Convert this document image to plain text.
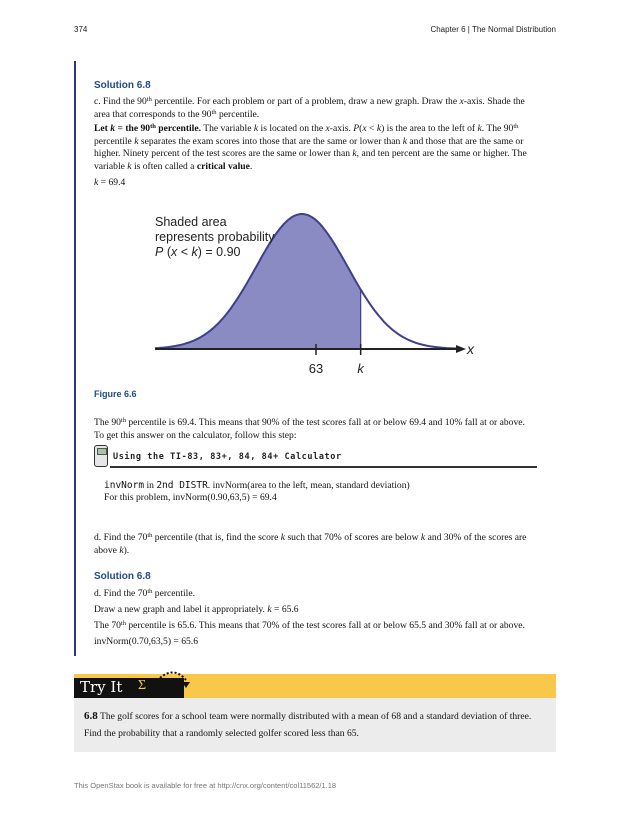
374	Chapter 6 | The Normal Distribution
Solution 6.8
c. Find the 90th percentile. For each problem or part of a problem, draw a new graph. Draw the x-axis. Shade the area that corresponds to the 90th percentile.
Let k = the 90th percentile. The variable k is located on the x-axis. P(x < k) is the area to the left of k. The 90th percentile k separates the exam scores into those that are the same or lower than k and those that are the same or higher. Ninety percent of the test scores are the same or lower than k, and ten percent are the same or higher. The variable k is often called a critical value.
k = 69.4
Shaded area
represents probability
P (x < k) = 0.90
x
63	k
Figure 6.6
The 90th percentile is 69.4. This means that 90% of the test scores fall at or below 69.4 and 10% fall at or above. To get this answer on the calculator, follow this step:
Using the TI-83, 83+, 84, 84+ Calculator
invNorm in 2nd DISTR. invNorm(area to the left, mean, standard deviation)
For this problem, invNorm(0.90,63,5) = 69.4
d. Find the 70th percentile (that is, find the score k such that 70% of scores are below k and 30% of the scores are above k).
Solution 6.8
d. Find the 70th percentile.
Draw a new graph and label it appropriately. k = 65.6
The 70th percentile is 65.6. This means that 70% of the test scores fall at or below 65.5 and 30% fall at or above.
invNorm(0.70,63,5) = 65.6
Try It Σ
6.8 The golf scores for a school team were normally distributed with a mean of 68 and a standard deviation of three.
Find the probability that a randomly selected golfer scored less than 65.
This OpenStax book is available for free at http://cnx.org/content/col11562/1.18
